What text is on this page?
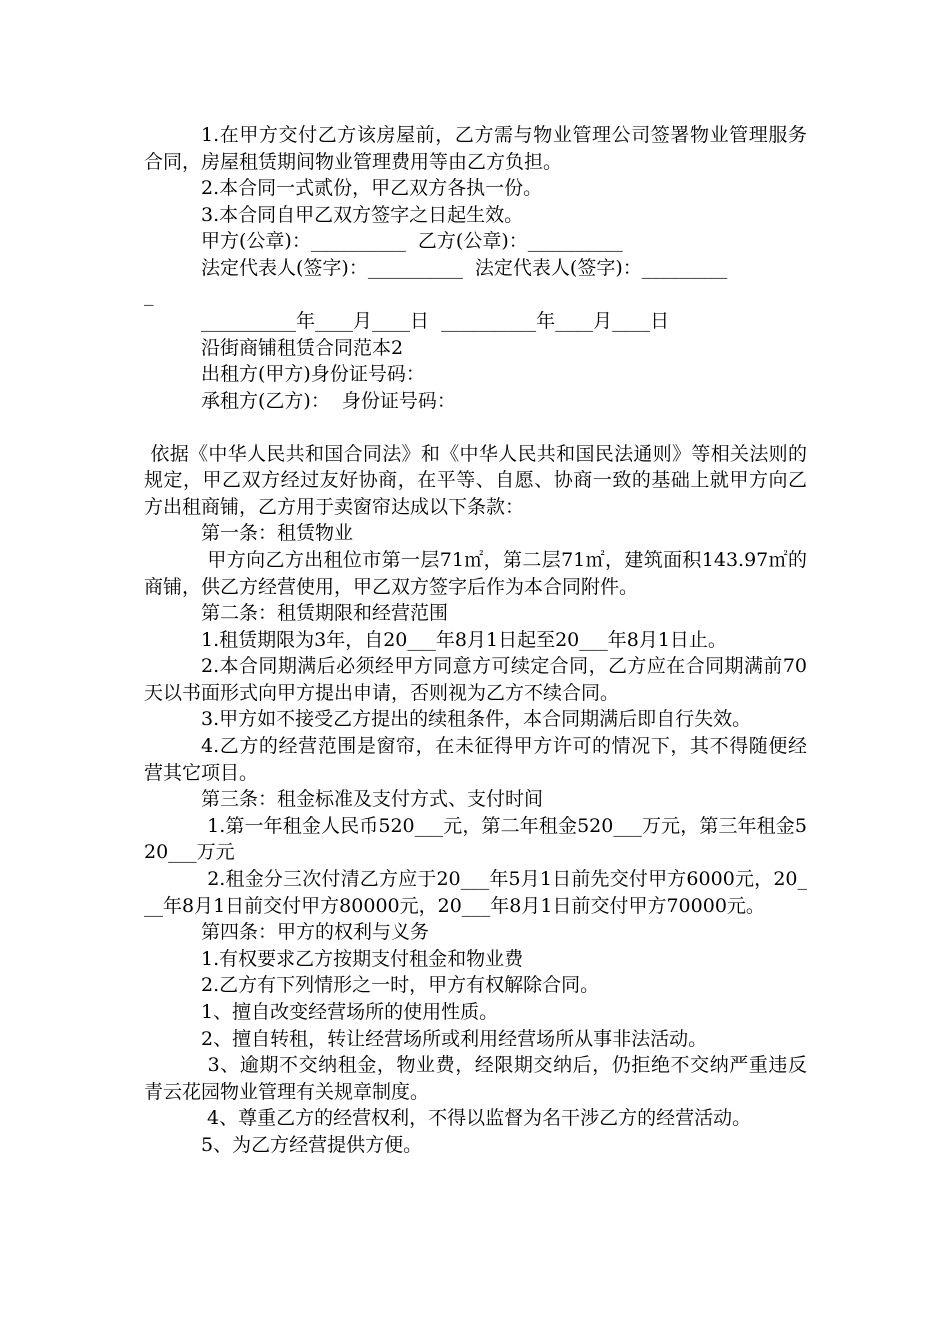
1.在甲方交付乙方该房屋前，乙方需与物业管理公司签署物业管理服务合同，房屋租赁期间物业管理费用等由乙方负担。

2.本合同一式贰份，甲乙双方各执一份。

3.本合同自甲乙双方签字之日起生效。

甲方(公章)：__________  乙方(公章)：__________

法定代表人(签字)：__________  法定代表人(签字)：_________

_

__________年____月____日  __________年____月____日

沿街商铺租赁合同范本2

出租方(甲方)身份证号码：

承租方(乙方)：  身份证号码：

依据《中华人民共和国合同法》和《中华人民共和国民法通则》等相关法则的规定，甲乙双方经过友好协商，在平等、自愿、协商一致的基础上就甲方向乙方出租商铺，乙方用于卖窗帘达成以下条款：

第一条：租赁物业

甲方向乙方出租位市第一层71㎡，第二层71㎡，建筑面积143.97㎡的商铺，供乙方经营使用，甲乙双方签字后作为本合同附件。

第二条：租赁期限和经营范围

1.租赁期限为3年，自20___年8月1日起至20___年8月1日止。

2.本合同期满后必须经甲方同意方可续定合同，乙方应在合同期满前70天以书面形式向甲方提出申请，否则视为乙方不续合同。

3.甲方如不接受乙方提出的续租条件，本合同期满后即自行失效。

4.乙方的经营范围是窗帘，在未征得甲方许可的情况下，其不得随便经营其它项目。

第三条：租金标准及支付方式、支付时间

1.第一年租金人民币520___元，第二年租金520___万元，第三年租金520___万元

2.租金分三次付清乙方应于20___年5月1日前先交付甲方6000元，20___年8月1日前交付甲方80000元，20___年8月1日前交付甲方70000元。

第四条：甲方的权利与义务

1.有权要求乙方按期支付租金和物业费

2.乙方有下列情形之一时，甲方有权解除合同。

1、擅自改变经营场所的使用性质。

2、擅自转租，转让经营场所或利用经营场所从事非法活动。

3、逾期不交纳租金，物业费，经限期交纳后，仍拒绝不交纳严重违反青云花园物业管理有关规章制度。

4、尊重乙方的经营权利，不得以监督为名干涉乙方的经营活动。

5、为乙方经营提供方便。
